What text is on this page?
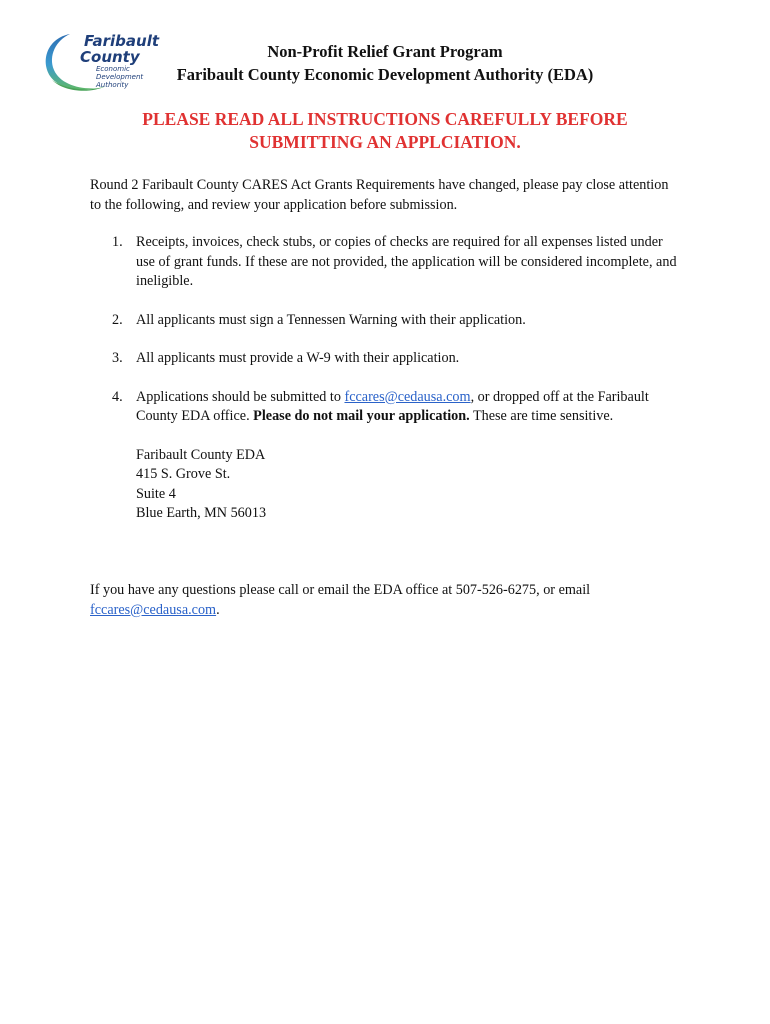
Faribault
County
Economic
Development
Authority
Non-Profit Relief Grant Program
Faribault County Economic Development Authority (EDA)
PLEASE READ ALL INSTRUCTIONS CAREFULLY BEFORE
SUBMITTING AN APPLCIATION.
Round 2 Faribault County CARES Act Grants Requirements have changed, please pay close attention to the following, and review your application before submission.
1. Receipts, invoices, check stubs, or copies of checks are required for all expenses listed under use of grant funds. If these are not provided, the application will be considered incomplete, and ineligible.
2. All applicants must sign a Tennessen Warning with their application.
3. All applicants must provide a W-9 with their application.
4. Applications should be submitted to fccares@cedausa.com, or dropped off at the Faribault County EDA office. Please do not mail your application. These are time sensitive.
Faribault County EDA
415 S. Grove St.
Suite 4
Blue Earth, MN 56013
If you have any questions please call or email the EDA office at 507-526-6275, or email fccares@cedausa.com.
